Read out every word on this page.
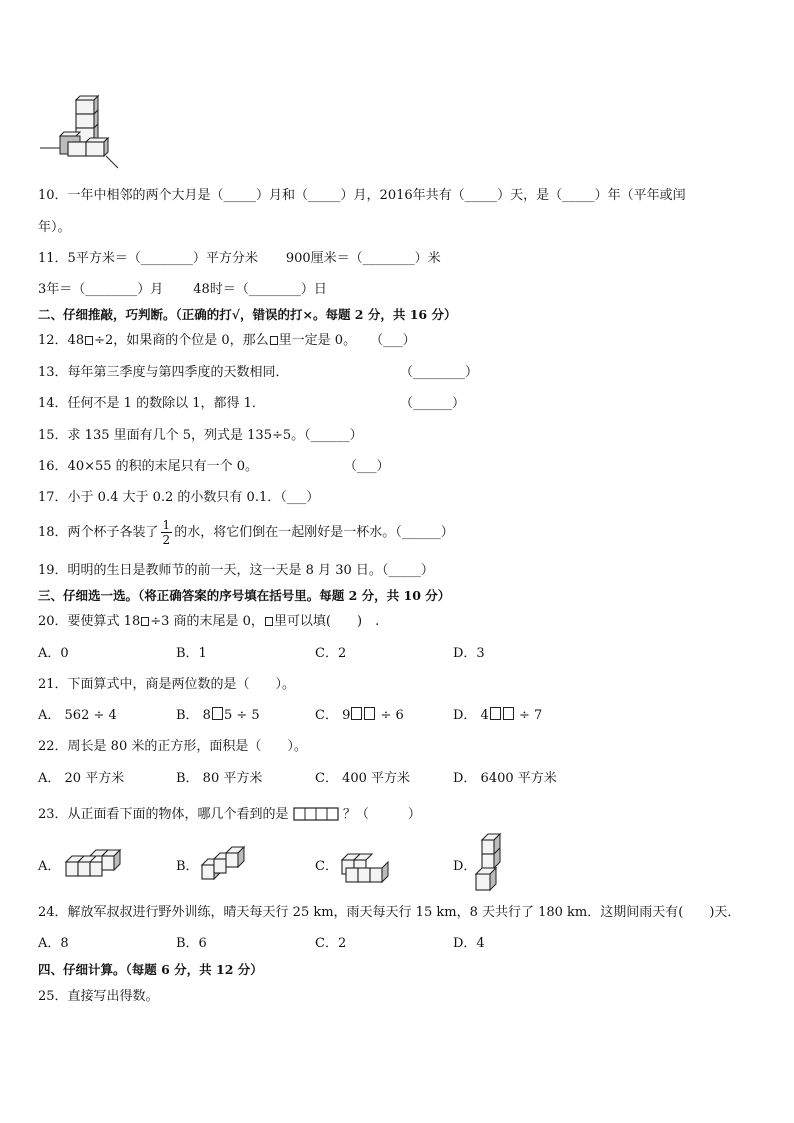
10．一年中相邻的两个大月是（_____）月和（_____）月，2016年共有（_____）天，是（_____）年（平年或闰
年）。
11．5平方米＝（________）平方分米 900厘米＝（________）米
3年＝（________）月 48时＝（________）日
二、仔细推敲，巧判断。（正确的打√，错误的打×。每题 2 分，共 16 分）
12．48 ÷2，如果商的个位是 0，那么 里一定是 0。 （___）
13．每年第三季度与第四季度的天数相同．	（________）
14．任何不是 1 的数除以 1，都得 1．	（______）
15．求 135 里面有几个 5，列式是 135÷5。（______）
16．40×55 的积的末尾只有一个 0。	（___）
17．小于 0.4 大于 0.2 的小数只有 0.1．（___）
18．两个杯子各装了 $\frac{1}{2}$ 的水，将它们倒在一起刚好是一杯水。（______）
19．明明的生日是教师节的前一天，这一天是 8 月 30 日。（_____）
三、仔细选一选。（将正确答案的序号填在括号里。每题 2 分，共 10 分）
20．要使算式 18 ÷3 商的末尾是 0， 里可以填(　　)　.
A．0	B．1	C．2	D．3
21．下面算式中，商是两位数的是（　　）。
A． 562 ÷ 4	B． 8 5 ÷ 5	C． 9 ÷ 6	D． 4 ÷ 7
22．周长是 80 米的正方形，面积是（　　）。
A． 20 平方米	B． 80 平方米	C． 400 平方米	D． 6400 平方米
23．从正面看下面的物体，哪几个看到的是	？（　　　）
A．	B．	C．	D．
24．解放军叔叔进行野外训练，晴天每天行 25 km，雨天每天行 15 km，8 天共行了 180 km．这期间雨天有(　　)天．
A．8	B．6	C．2	D．4
四、仔细计算。（每题 6 分，共 12 分）
25．直接写出得数。
